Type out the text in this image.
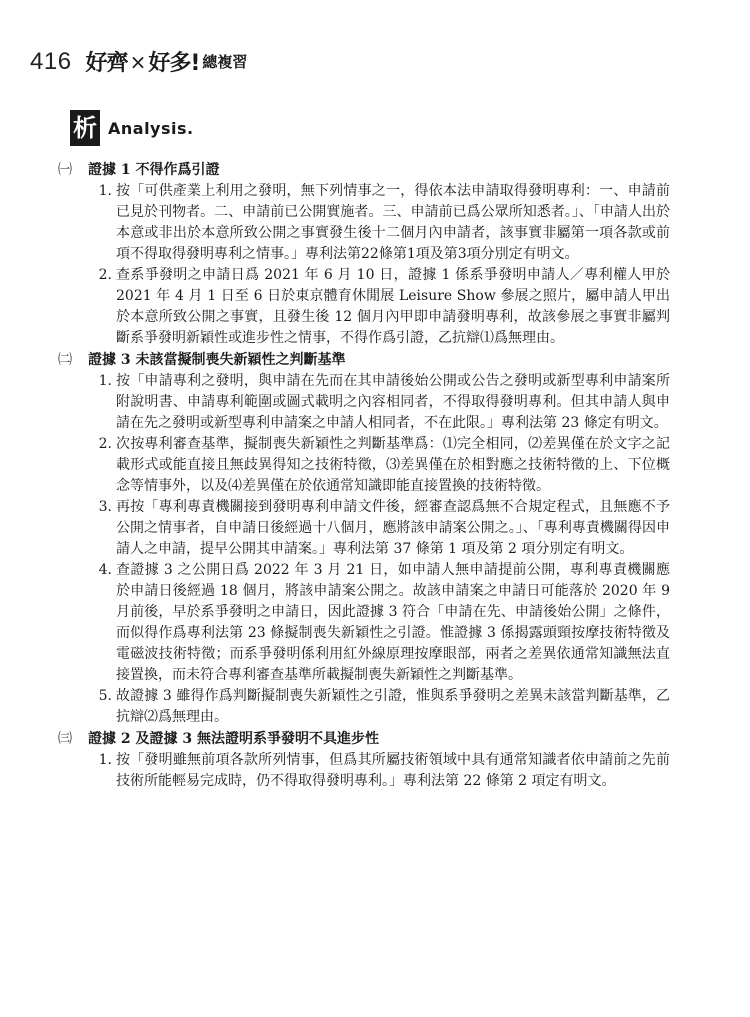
416 好齊 × 好多! 總複習
析 Analysis.
㈠	證據 1 不得作爲引證
1. 按「可供產業上利用之發明，無下列情事之一，得依本法申請取得發明專利：一、申請前已見於刊物者。二、申請前已公開實施者。三、申請前已爲公眾所知悉者。」、「申請人出於本意或非出於本意所致公開之事實發生後十二個月內申請者，該事實非屬第一項各款或前項不得取得發明專利之情事。」專利法第22條第1項及第3項分別定有明文。
2. 查系爭發明之申請日爲 2021 年 6 月 10 日，證據 1 係系爭發明申請人／專利權人甲於 2021 年 4 月 1 日至 6 日於東京體育休閒展 Leisure Show 參展之照片，屬申請人甲出於本意所致公開之事實，且發生後 12 個月內甲即申請發明專利，故該參展之事實非屬判斷系爭發明新穎性或進步性之情事，不得作爲引證，乙抗辯⑴爲無理由。
㈡	證據 3 未該當擬制喪失新穎性之判斷基準
1. 按「申請專利之發明，與申請在先而在其申請後始公開或公告之發明或新型專利申請案所附說明書、申請專利範圍或圖式載明之內容相同者，不得取得發明專利。但其申請人與申請在先之發明或新型專利申請案之申請人相同者，不在此限。」專利法第 23 條定有明文。
2. 次按專利審查基準，擬制喪失新穎性之判斷基準爲：⑴完全相同，⑵差異僅在於文字之記載形式或能直接且無歧異得知之技術特徵，⑶差異僅在於相對應之技術特徵的上、下位概念等情事外，以及⑷差異僅在於依通常知識即能直接置換的技術特徵。
3. 再按「專利專責機關接到發明專利申請文件後，經審查認爲無不合規定程式，且無應不予公開之情事者，自申請日後經過十八個月，應將該申請案公開之。」、「專利專責機關得因申請人之申請，提早公開其申請案。」專利法第 37 條第 1 項及第 2 項分別定有明文。
4. 查證據 3 之公開日爲 2022 年 3 月 21 日，如申請人無申請提前公開，專利專責機關應於申請日後經過 18 個月，將該申請案公開之。故該申請案之申請日可能落於 2020 年 9 月前後，早於系爭發明之申請日，因此證據 3 符合「申請在先、申請後始公開」之條件，而似得作爲專利法第 23 條擬制喪失新穎性之引證。惟證據 3 係揭露頭頸按摩技術特徵及電磁波技術特徵；而系爭發明係利用紅外線原理按摩眼部，兩者之差異依通常知識無法直接置換，而未符合專利審查基準所載擬制喪失新穎性之判斷基準。
5. 故證據 3 雖得作爲判斷擬制喪失新穎性之引證，惟與系爭發明之差異未該當判斷基準，乙抗辯⑵爲無理由。
㈢	證據 2 及證據 3 無法證明系爭發明不具進步性
1. 按「發明雖無前項各款所列情事，但爲其所屬技術領域中具有通常知識者依申請前之先前技術所能輕易完成時，仍不得取得發明專利。」專利法第 22 條第 2 項定有明文。
